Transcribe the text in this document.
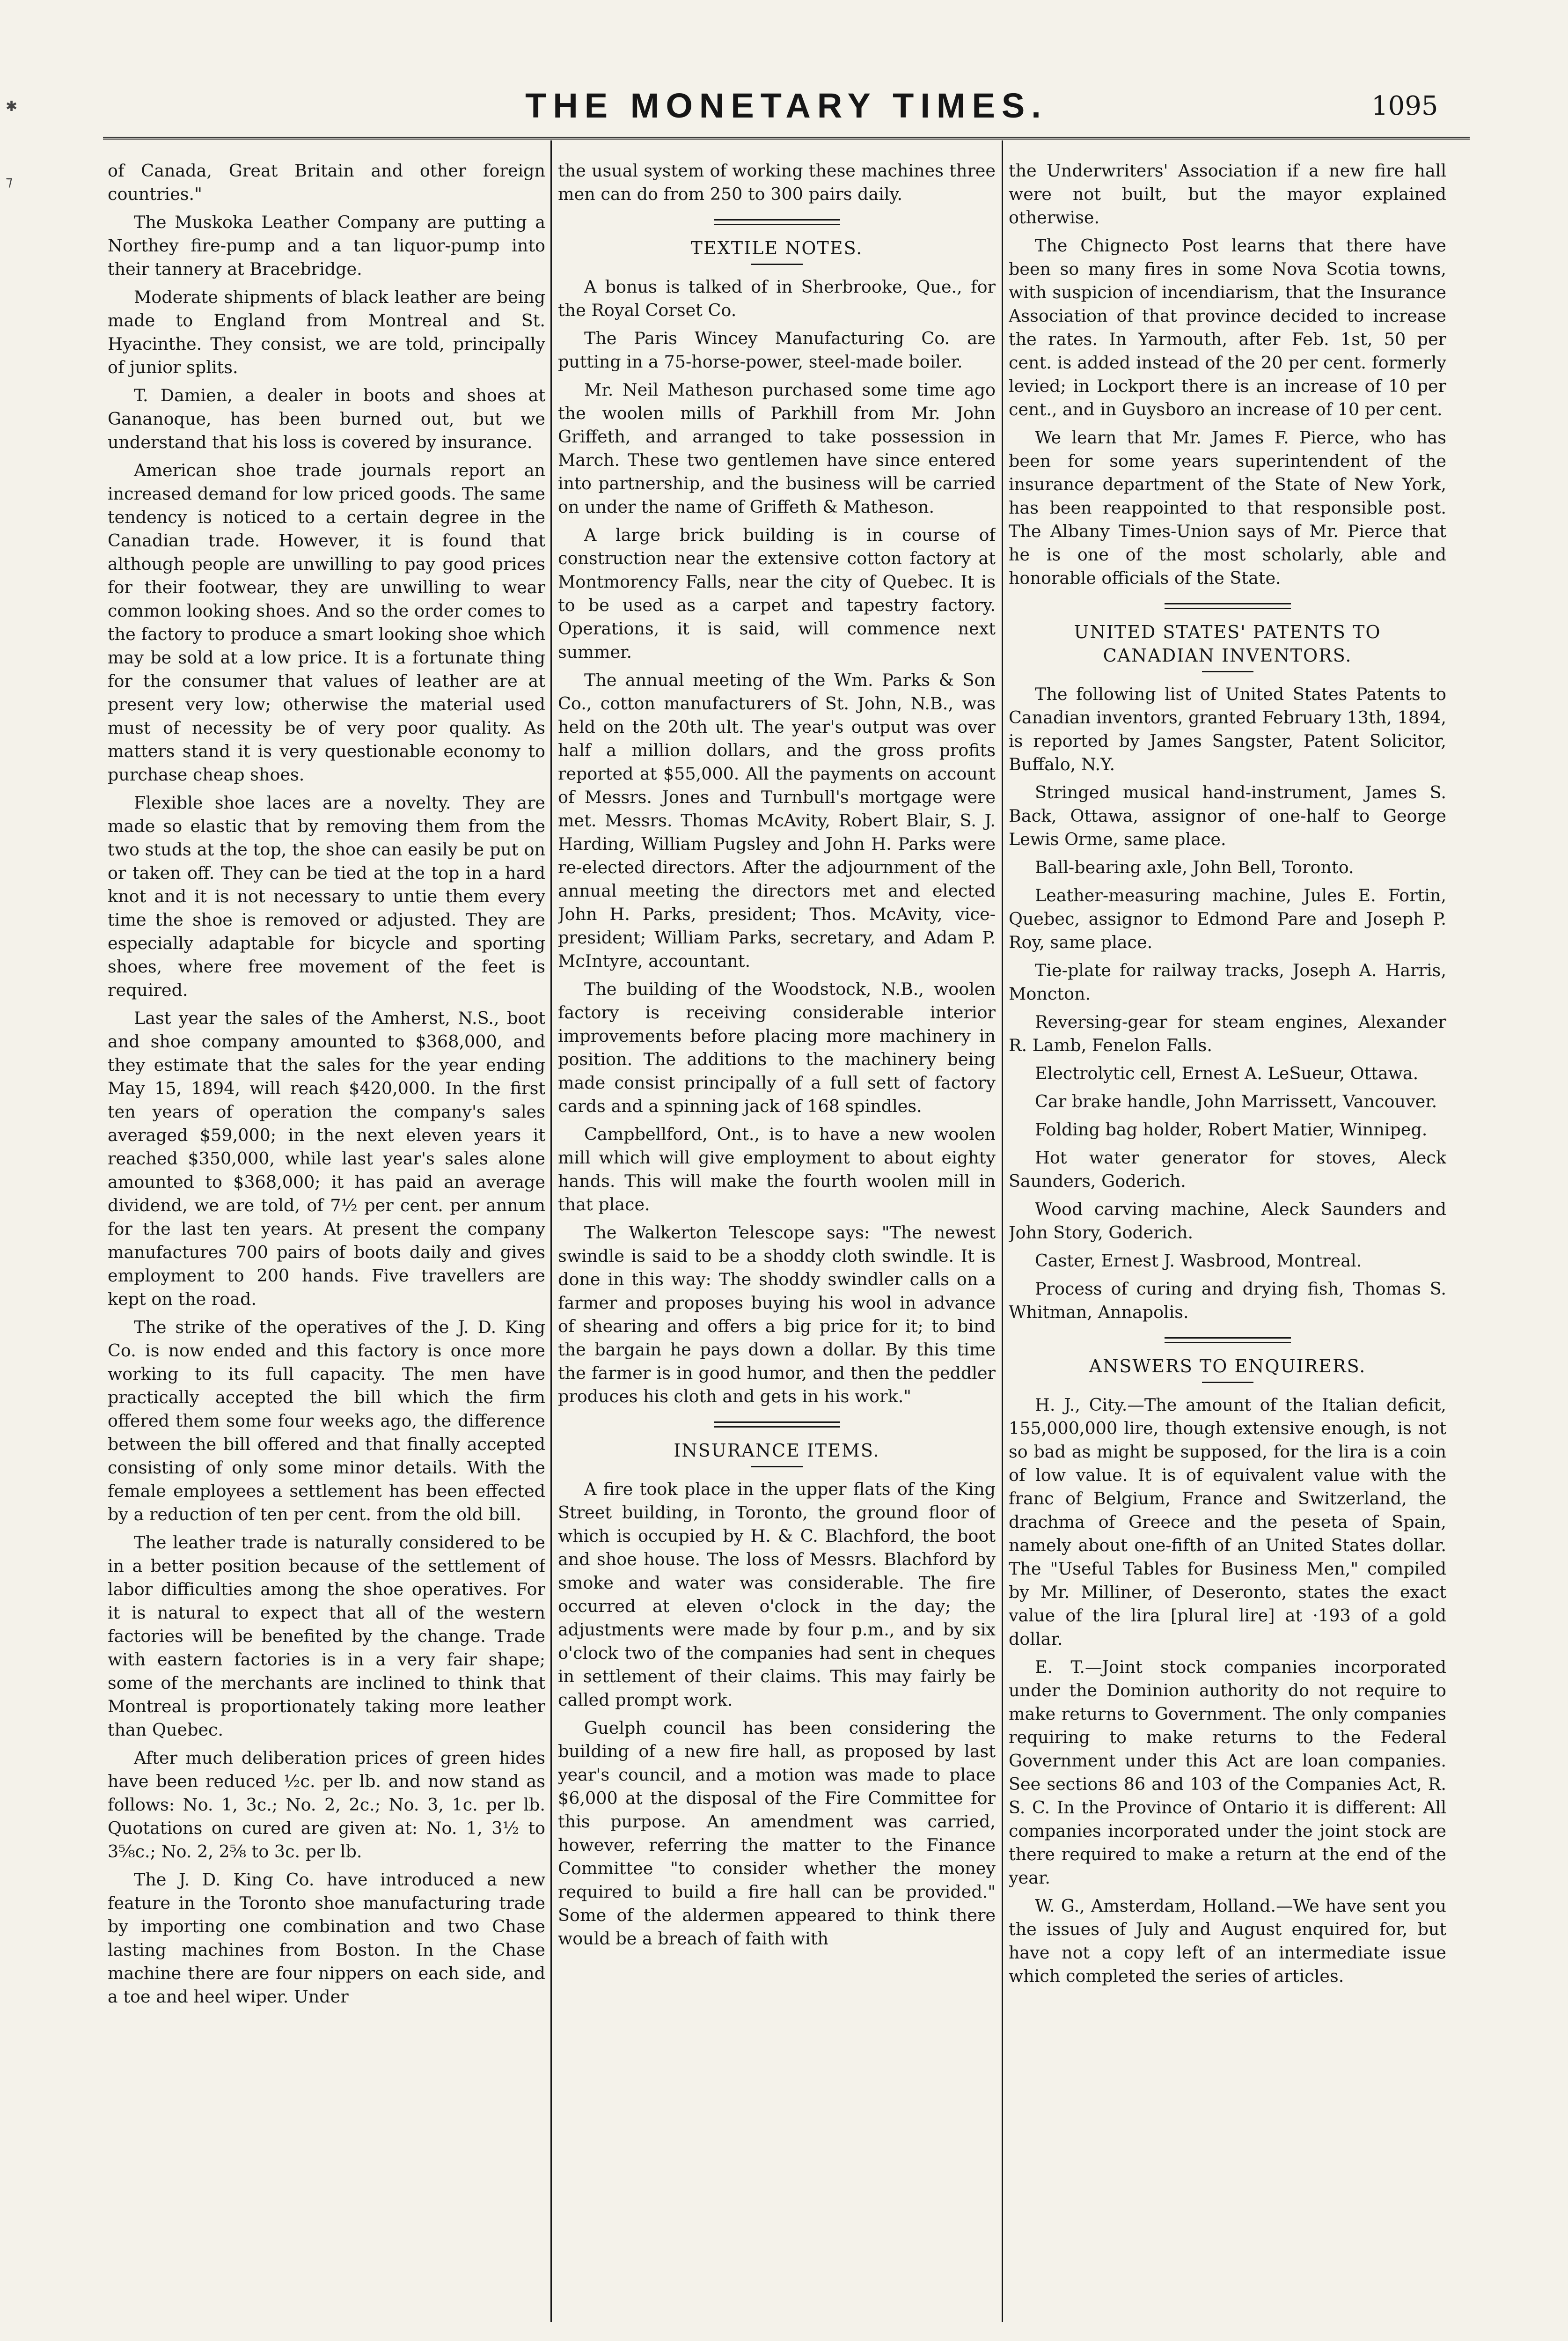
THE MONETARY TIMES.	1095
✱
⁊

of Canada, Great Britain and other foreign countries."

The Muskoka Leather Company are putting a Northey fire-pump and a tan liquor-pump into their tannery at Bracebridge.

Moderate shipments of black leather are being made to England from Montreal and St. Hyacinthe. They consist, we are told, principally of junior splits.

T. Damien, a dealer in boots and shoes at Gananoque, has been burned out, but we understand that his loss is covered by insurance.

American shoe trade journals report an increased demand for low priced goods. The same tendency is noticed to a certain degree in the Canadian trade. However, it is found that although people are unwilling to pay good prices for their footwear, they are unwilling to wear common looking shoes. And so the order comes to the factory to produce a smart looking shoe which may be sold at a low price. It is a fortunate thing for the consumer that values of leather are at present very low; otherwise the material used must of necessity be of very poor quality. As matters stand it is very questionable economy to purchase cheap shoes.

Flexible shoe laces are a novelty. They are made so elastic that by removing them from the two studs at the top, the shoe can easily be put on or taken off. They can be tied at the top in a hard knot and it is not necessary to untie them every time the shoe is removed or adjusted. They are especially adaptable for bicycle and sporting shoes, where free movement of the feet is required.

Last year the sales of the Amherst, N.S., boot and shoe company amounted to $368,000, and they estimate that the sales for the year ending May 15, 1894, will reach $420,000. In the first ten years of operation the company's sales averaged $59,000; in the next eleven years it reached $350,000, while last year's sales alone amounted to $368,000; it has paid an average dividend, we are told, of 7½ per cent. per annum for the last ten years. At present the company manufactures 700 pairs of boots daily and gives employment to 200 hands. Five travellers are kept on the road.

The strike of the operatives of the J. D. King Co. is now ended and this factory is once more working to its full capacity. The men have practically accepted the bill which the firm offered them some four weeks ago, the difference between the bill offered and that finally accepted consisting of only some minor details. With the female employees a settlement has been effected by a reduction of ten per cent. from the old bill.

The leather trade is naturally considered to be in a better position because of the settlement of labor difficulties among the shoe operatives. For it is natural to expect that all of the western factories will be benefited by the change. Trade with eastern factories is in a very fair shape; some of the merchants are inclined to think that Montreal is proportionately taking more leather than Quebec.

After much deliberation prices of green hides have been reduced ½c. per lb. and now stand as follows: No. 1, 3c.; No. 2, 2c.; No. 3, 1c. per lb. Quotations on cured are given at: No. 1, 3½ to 3⅝c.; No. 2, 2⅝ to 3c. per lb.

The J. D. King Co. have introduced a new feature in the Toronto shoe manufacturing trade by importing one combination and two Chase lasting machines from Boston. In the Chase machine there are four nippers on each side, and a toe and heel wiper. Under

the usual system of working these machines three men can do from 250 to 300 pairs daily.

TEXTILE NOTES.

A bonus is talked of in Sherbrooke, Que., for the Royal Corset Co.

The Paris Wincey Manufacturing Co. are putting in a 75-horse-power, steel-made boiler.

Mr. Neil Matheson purchased some time ago the woolen mills of Parkhill from Mr. John Griffeth, and arranged to take possession in March. These two gentlemen have since entered into partnership, and the business will be carried on under the name of Griffeth & Matheson.

A large brick building is in course of construction near the extensive cotton factory at Montmorency Falls, near the city of Quebec. It is to be used as a carpet and tapestry factory. Operations, it is said, will commence next summer.

The annual meeting of the Wm. Parks & Son Co., cotton manufacturers of St. John, N.B., was held on the 20th ult. The year's output was over half a million dollars, and the gross profits reported at $55,000. All the payments on account of Messrs. Jones and Turnbull's mortgage were met. Messrs. Thomas McAvity, Robert Blair, S. J. Harding, William Pugsley and John H. Parks were re-elected directors. After the adjournment of the annual meeting the directors met and elected John H. Parks, president; Thos. McAvity, vice-president; William Parks, secretary, and Adam P. McIntyre, accountant.

The building of the Woodstock, N.B., woolen factory is receiving considerable interior improvements before placing more machinery in position. The additions to the machinery being made consist principally of a full sett of factory cards and a spinning jack of 168 spindles.

Campbellford, Ont., is to have a new woolen mill which will give employment to about eighty hands. This will make the fourth woolen mill in that place.

The Walkerton Telescope says: "The newest swindle is said to be a shoddy cloth swindle. It is done in this way: The shoddy swindler calls on a farmer and proposes buying his wool in advance of shearing and offers a big price for it; to bind the bargain he pays down a dollar. By this time the farmer is in good humor, and then the peddler produces his cloth and gets in his work."

INSURANCE ITEMS.

A fire took place in the upper flats of the King Street building, in Toronto, the ground floor of which is occupied by H. & C. Blachford, the boot and shoe house. The loss of Messrs. Blachford by smoke and water was considerable. The fire occurred at eleven o'clock in the day; the adjustments were made by four p.m., and by six o'clock two of the companies had sent in cheques in settlement of their claims. This may fairly be called prompt work.

Guelph council has been considering the building of a new fire hall, as proposed by last year's council, and a motion was made to place $6,000 at the disposal of the Fire Committee for this purpose. An amendment was carried, however, referring the matter to the Finance Committee "to consider whether the money required to build a fire hall can be provided." Some of the aldermen appeared to think there would be a breach of faith with

the Underwriters' Association if a new fire hall were not built, but the mayor explained otherwise.

The Chignecto Post learns that there have been so many fires in some Nova Scotia towns, with suspicion of incendiarism, that the Insurance Association of that province decided to increase the rates. In Yarmouth, after Feb. 1st, 50 per cent. is added instead of the 20 per cent. formerly levied; in Lockport there is an increase of 10 per cent., and in Guysboro an increase of 10 per cent.

We learn that Mr. James F. Pierce, who has been for some years superintendent of the insurance department of the State of New York, has been reappointed to that responsible post. The Albany Times-Union says of Mr. Pierce that he is one of the most scholarly, able and honorable officials of the State.

UNITED STATES' PATENTS TO CANADIAN INVENTORS.

The following list of United States Patents to Canadian inventors, granted February 13th, 1894, is reported by James Sangster, Patent Solicitor, Buffalo, N.Y.

Stringed musical hand-instrument, James S. Back, Ottawa, assignor of one-half to George Lewis Orme, same place.

Ball-bearing axle, John Bell, Toronto.

Leather-measuring machine, Jules E. Fortin, Quebec, assignor to Edmond Pare and Joseph P. Roy, same place.

Tie-plate for railway tracks, Joseph A. Harris, Moncton.

Reversing-gear for steam engines, Alexander R. Lamb, Fenelon Falls.

Electrolytic cell, Ernest A. LeSueur, Ottawa.

Car brake handle, John Marrissett, Vancouver.

Folding bag holder, Robert Matier, Winnipeg.

Hot water generator for stoves, Aleck Saunders, Goderich.

Wood carving machine, Aleck Saunders and John Story, Goderich.

Caster, Ernest J. Wasbrood, Montreal.

Process of curing and drying fish, Thomas S. Whitman, Annapolis.

ANSWERS TO ENQUIRERS.

H. J., City.—The amount of the Italian deficit, 155,000,000 lire, though extensive enough, is not so bad as might be supposed, for the lira is a coin of low value. It is of equivalent value with the franc of Belgium, France and Switzerland, the drachma of Greece and the peseta of Spain, namely about one-fifth of an United States dollar. The "Useful Tables for Business Men," compiled by Mr. Milliner, of Deseronto, states the exact value of the lira [plural lire] at ·193 of a gold dollar.

E. T.—Joint stock companies incorporated under the Dominion authority do not require to make returns to Government. The only companies requiring to make returns to the Federal Government under this Act are loan companies. See sections 86 and 103 of the Companies Act, R. S. C. In the Province of Ontario it is different: All companies incorporated under the joint stock are there required to make a return at the end of the year.

W. G., Amsterdam, Holland.—We have sent you the issues of July and August enquired for, but have not a copy left of an intermediate issue which completed the series of articles.
